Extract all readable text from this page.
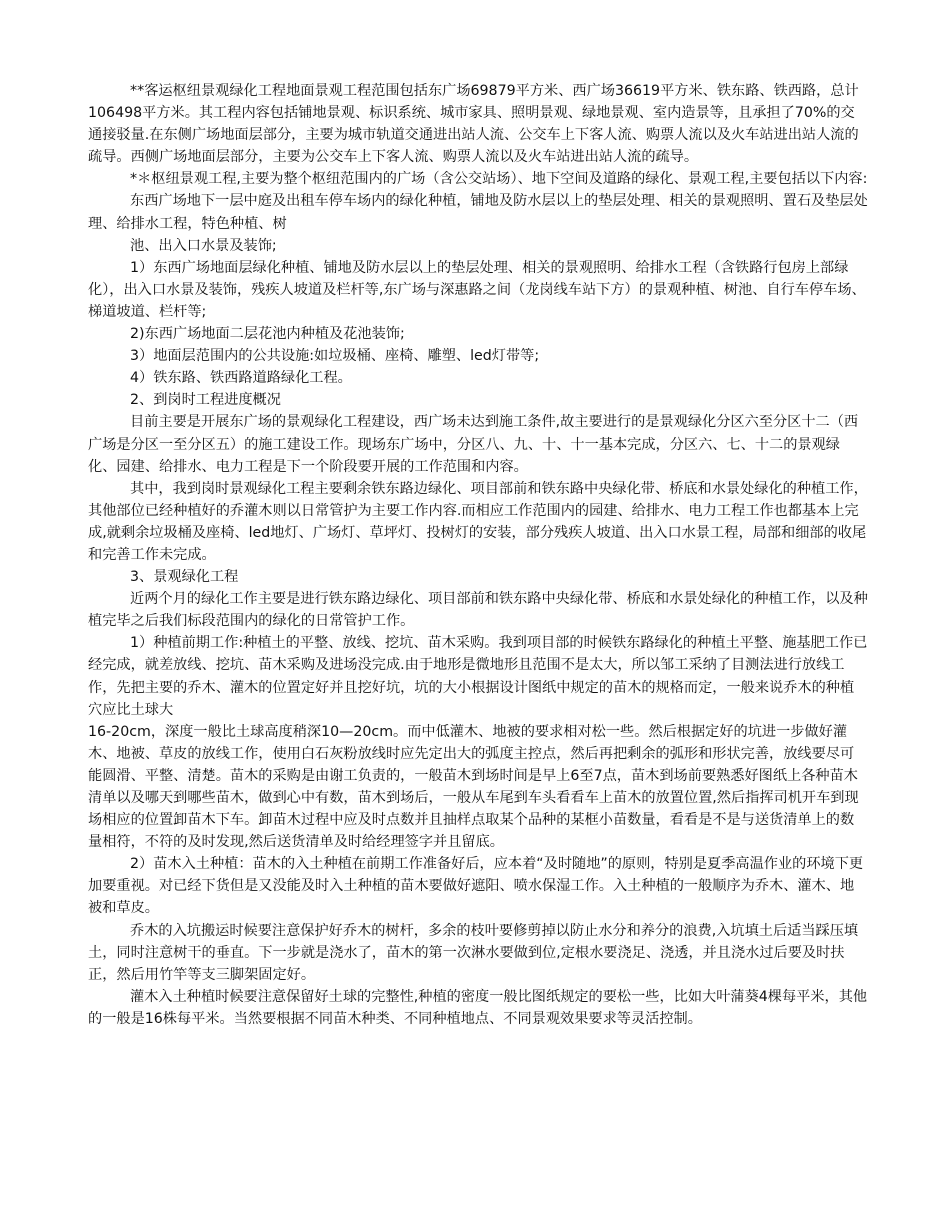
**客运枢纽景观绿化工程地面景观工程范围包括东广场69879平方米、西广场36619平方米、铁东路、铁西路，总计106498平方米。其工程内容包括铺地景观、标识系统、城市家具、照明景观、绿地景观、室内造景等，且承担了70%的交通接驳量.在东侧广场地面层部分，主要为城市轨道交通进出站人流、公交车上下客人流、购票人流以及火车站进出站人流的疏导。西侧广场地面层部分，主要为公交车上下客人流、购票人流以及火车站进出站人流的疏导。

*＊枢纽景观工程,主要为整个枢纽范围内的广场（含公交站场）、地下空间及道路的绿化、景观工程,主要包括以下内容:

东西广场地下一层中庭及出租车停车场内的绿化种植，铺地及防水层以上的垫层处理、相关的景观照明、置石及垫层处理、给排水工程，特色种植、树

池、出入口水景及装饰;

1）东西广场地面层绿化种植、铺地及防水层以上的垫层处理、相关的景观照明、给排水工程（含铁路行包房上部绿化），出入口水景及装饰，残疾人坡道及栏杆等,东广场与深惠路之间（龙岗线车站下方）的景观种植、树池、自行车停车场、梯道坡道、栏杆等;

2)东西广场地面二层花池内种植及花池装饰;

3）地面层范围内的公共设施:如垃圾桶、座椅、雕塑、led灯带等;

4）铁东路、铁西路道路绿化工程。

2、到岗时工程进度概况

目前主要是开展东广场的景观绿化工程建设，西广场未达到施工条件,故主要进行的是景观绿化分区六至分区十二（西广场是分区一至分区五）的施工建设工作。现场东广场中，分区八、九、十、十一基本完成，分区六、七、十二的景观绿化、园建、给排水、电力工程是下一个阶段要开展的工作范围和内容。

其中，我到岗时景观绿化工程主要剩余铁东路边绿化、项目部前和铁东路中央绿化带、桥底和水景处绿化的种植工作，其他部位已经种植好的乔灌木则以日常管护为主要工作内容.而相应工作范围内的园建、给排水、电力工程工作也都基本上完成,就剩余垃圾桶及座椅、led地灯、广场灯、草坪灯、投树灯的安装，部分残疾人坡道、出入口水景工程，局部和细部的收尾和完善工作未完成。

3、景观绿化工程

近两个月的绿化工作主要是进行铁东路边绿化、项目部前和铁东路中央绿化带、桥底和水景处绿化的种植工作，以及种植完毕之后我们标段范围内的绿化的日常管护工作。

1）种植前期工作:种植土的平整、放线、挖坑、苗木采购。我到项目部的时候铁东路绿化的种植土平整、施基肥工作已经完成，就差放线、挖坑、苗木采购及进场没完成.由于地形是微地形且范围不是太大，所以邹工采纳了目测法进行放线工作，先把主要的乔木、灌木的位置定好并且挖好坑，坑的大小根据设计图纸中规定的苗木的规格而定，一般来说乔木的种植穴应比土球大

16-20cm，深度一般比土球高度稍深10—20cm。而中低灌木、地被的要求相对松一些。然后根据定好的坑进一步做好灌木、地被、草皮的放线工作，使用白石灰粉放线时应先定出大的弧度主控点，然后再把剩余的弧形和形状完善，放线要尽可能圆滑、平整、清楚。苗木的采购是由谢工负责的，一般苗木到场时间是早上6至7点，苗木到场前要熟悉好图纸上各种苗木清单以及哪天到哪些苗木，做到心中有数，苗木到场后，一般从车尾到车头看看车上苗木的放置位置,然后指挥司机开车到现场相应的位置卸苗木下车。卸苗木过程中应及时点数并且抽样点取某个品种的某框小苗数量，看看是不是与送货清单上的数量相符，不符的及时发现,然后送货清单及时给经理签字并且留底。

2）苗木入土种植：苗木的入土种植在前期工作准备好后，应本着“及时随地”的原则，特别是夏季高温作业的环境下更加要重视。对已经下货但是又没能及时入土种植的苗木要做好遮阳、喷水保湿工作。入土种植的一般顺序为乔木、灌木、地被和草皮。

乔木的入坑搬运时候要注意保护好乔木的树杆，多余的枝叶要修剪掉以防止水分和养分的浪费,入坑填土后适当踩压填土，同时注意树干的垂直。下一步就是浇水了，苗木的第一次淋水要做到位,定根水要浇足、浇透，并且浇水过后要及时扶正，然后用竹竿等支三脚架固定好。

灌木入土种植时候要注意保留好土球的完整性,种植的密度一般比图纸规定的要松一些，比如大叶蒲葵4棵每平米，其他的一般是16株每平米。当然要根据不同苗木种类、不同种植地点、不同景观效果要求等灵活控制。
